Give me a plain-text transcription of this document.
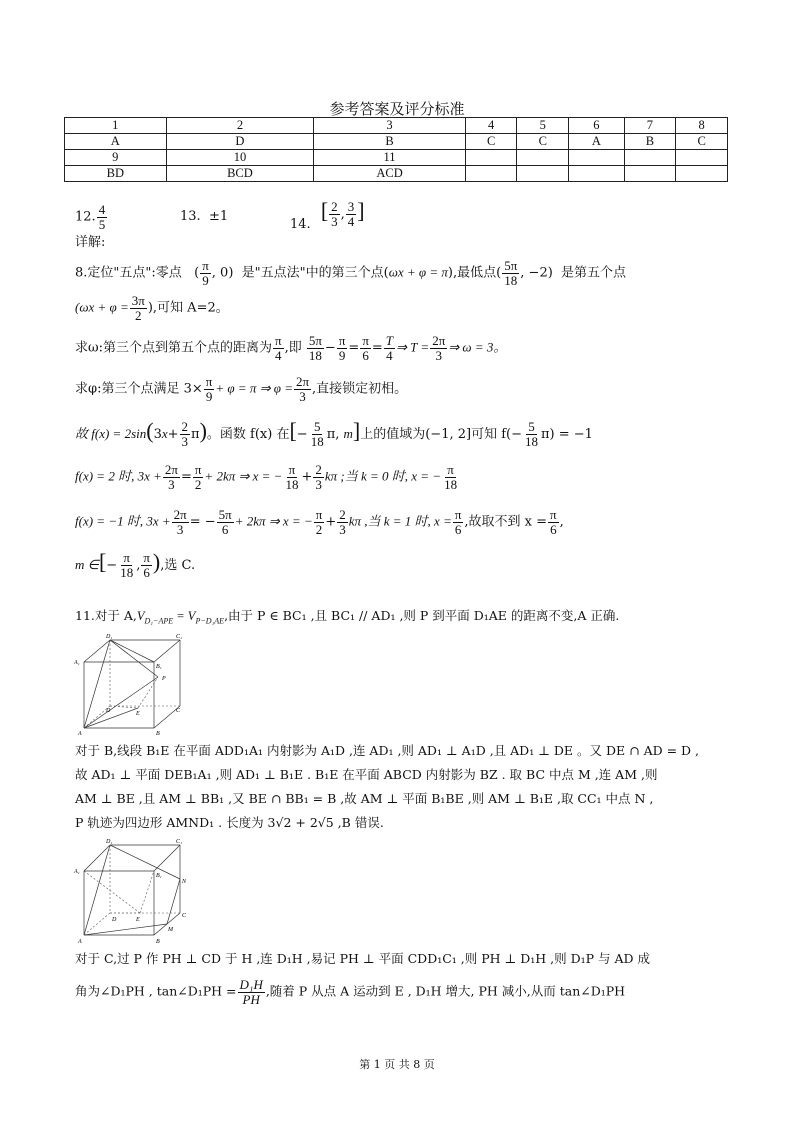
参考答案及评分标准
1	2	3	4	5	6	7	8
A	D	B	C	C	A	B	C
9	10	11					
BD	BCD	ACD					
12. $\frac{4}{5}$	13. ±1
14. [ $\frac{2}{3}$ , $\frac{3}{4}$ ]
详解:
8.定位"五点":零点   ( $\frac{\pi}{9}$ , 0)  是"五点法"中的第三个点(ωx + φ = π),最低点( $\frac{5\pi}{18}$ , −2)  是第五个点
($\omega x + \varphi = \frac{3\pi}{2}$ ),可知 A=2。
求ω:第三个点到第五个点的距离为 $\frac{\pi}{4}$ ,即 $\frac{5\pi}{18} - \frac{\pi}{9} = \frac{\pi}{6} = \frac{T}{4}$ ⇒ $T = \frac{2\pi}{3}$ ⇒ ω = 3。
求φ:第三个点满足 $3\times \frac{\pi}{9} + \varphi = \pi$ ⇒ $\varphi = \frac{2\pi}{3}$ ,直接锁定初相。
故 $f(x) = 2\sin(3x+ \frac{2}{3} \pi)$。函数 f(x) 在[− $\frac{5}{18} \pi$, m]上的值域为(−1, 2]可知 $f(- \frac{5}{18} \pi) = -1$
f(x) = 2 时, $3x + \frac{2\pi}{3} = \frac{\pi}{2} + 2k\pi$ ⇒ x = − $\frac{\pi}{18} + \frac{2}{3}$ kπ ;当 k = 0 时, x = − $\frac{\pi}{18}$
f(x) = −1 时, $3x + \frac{2\pi}{3}$ = − $\frac{5\pi}{6} + 2k\pi$ ⇒ x = − $\frac{\pi}{2} + \frac{2}{3}$ kπ ,当 k = 1 时, $x = \frac{\pi}{6}$ ,故取不到 $x = \frac{\pi}{6}$ ,
m ∈[− $\frac{\pi}{18}$ , $\frac{\pi}{6}$ ),选 C.
11.对于 $A,V_{D_1-APE} = V_{P-D_1AE}$,由于 P ∈ BC₁ ,且 BC₁ // AD₁ ,则 P 到平面 D₁AE 的距离不变,A 正确.
D₁	C₁
A₁
B₁
P
D	E	C
A	B
对于 B,线段 B₁E 在平面 ADD₁A₁ 内射影为 A₁D ,连 AD₁ ,则 AD₁ ⊥ A₁D ,且 AD₁ ⊥ DE 。又 DE ∩ AD = D ,
故 AD₁ ⊥ 平面 DEB₁A₁ ,则 AD₁ ⊥ B₁E . B₁E 在平面 ABCD 内射影为 BZ . 取 BC 中点 M ,连 AM ,则
AM ⊥ BE ,且 AM ⊥ BB₁ ,又 BE ∩ BB₁ = B ,故 AM ⊥ 平面 B₁BE ,则 AM ⊥ B₁E ,取 CC₁ 中点 N ,
P 轨迹为四边形 AMND₁ . 长度为 3√2 + 2√5 ,B 错误.
D₁	C₁
A₁
B₁
N
D	E
C
M
A	B
对于 C,过 P 作 PH ⊥ CD 于 H ,连 D₁H ,易记 PH ⊥ 平面 CDD₁C₁ ,则 PH ⊥ D₁H ,则 D₁P 与 AD 成
角为∠D₁PH , tan∠D₁PH = $\frac{\text{D₁H}}{PH}$ ,随着 P 从点 A 运动到 E , D₁H 增大, PH 减小,从而 tan∠D₁PH
第 1 页 共 8 页
